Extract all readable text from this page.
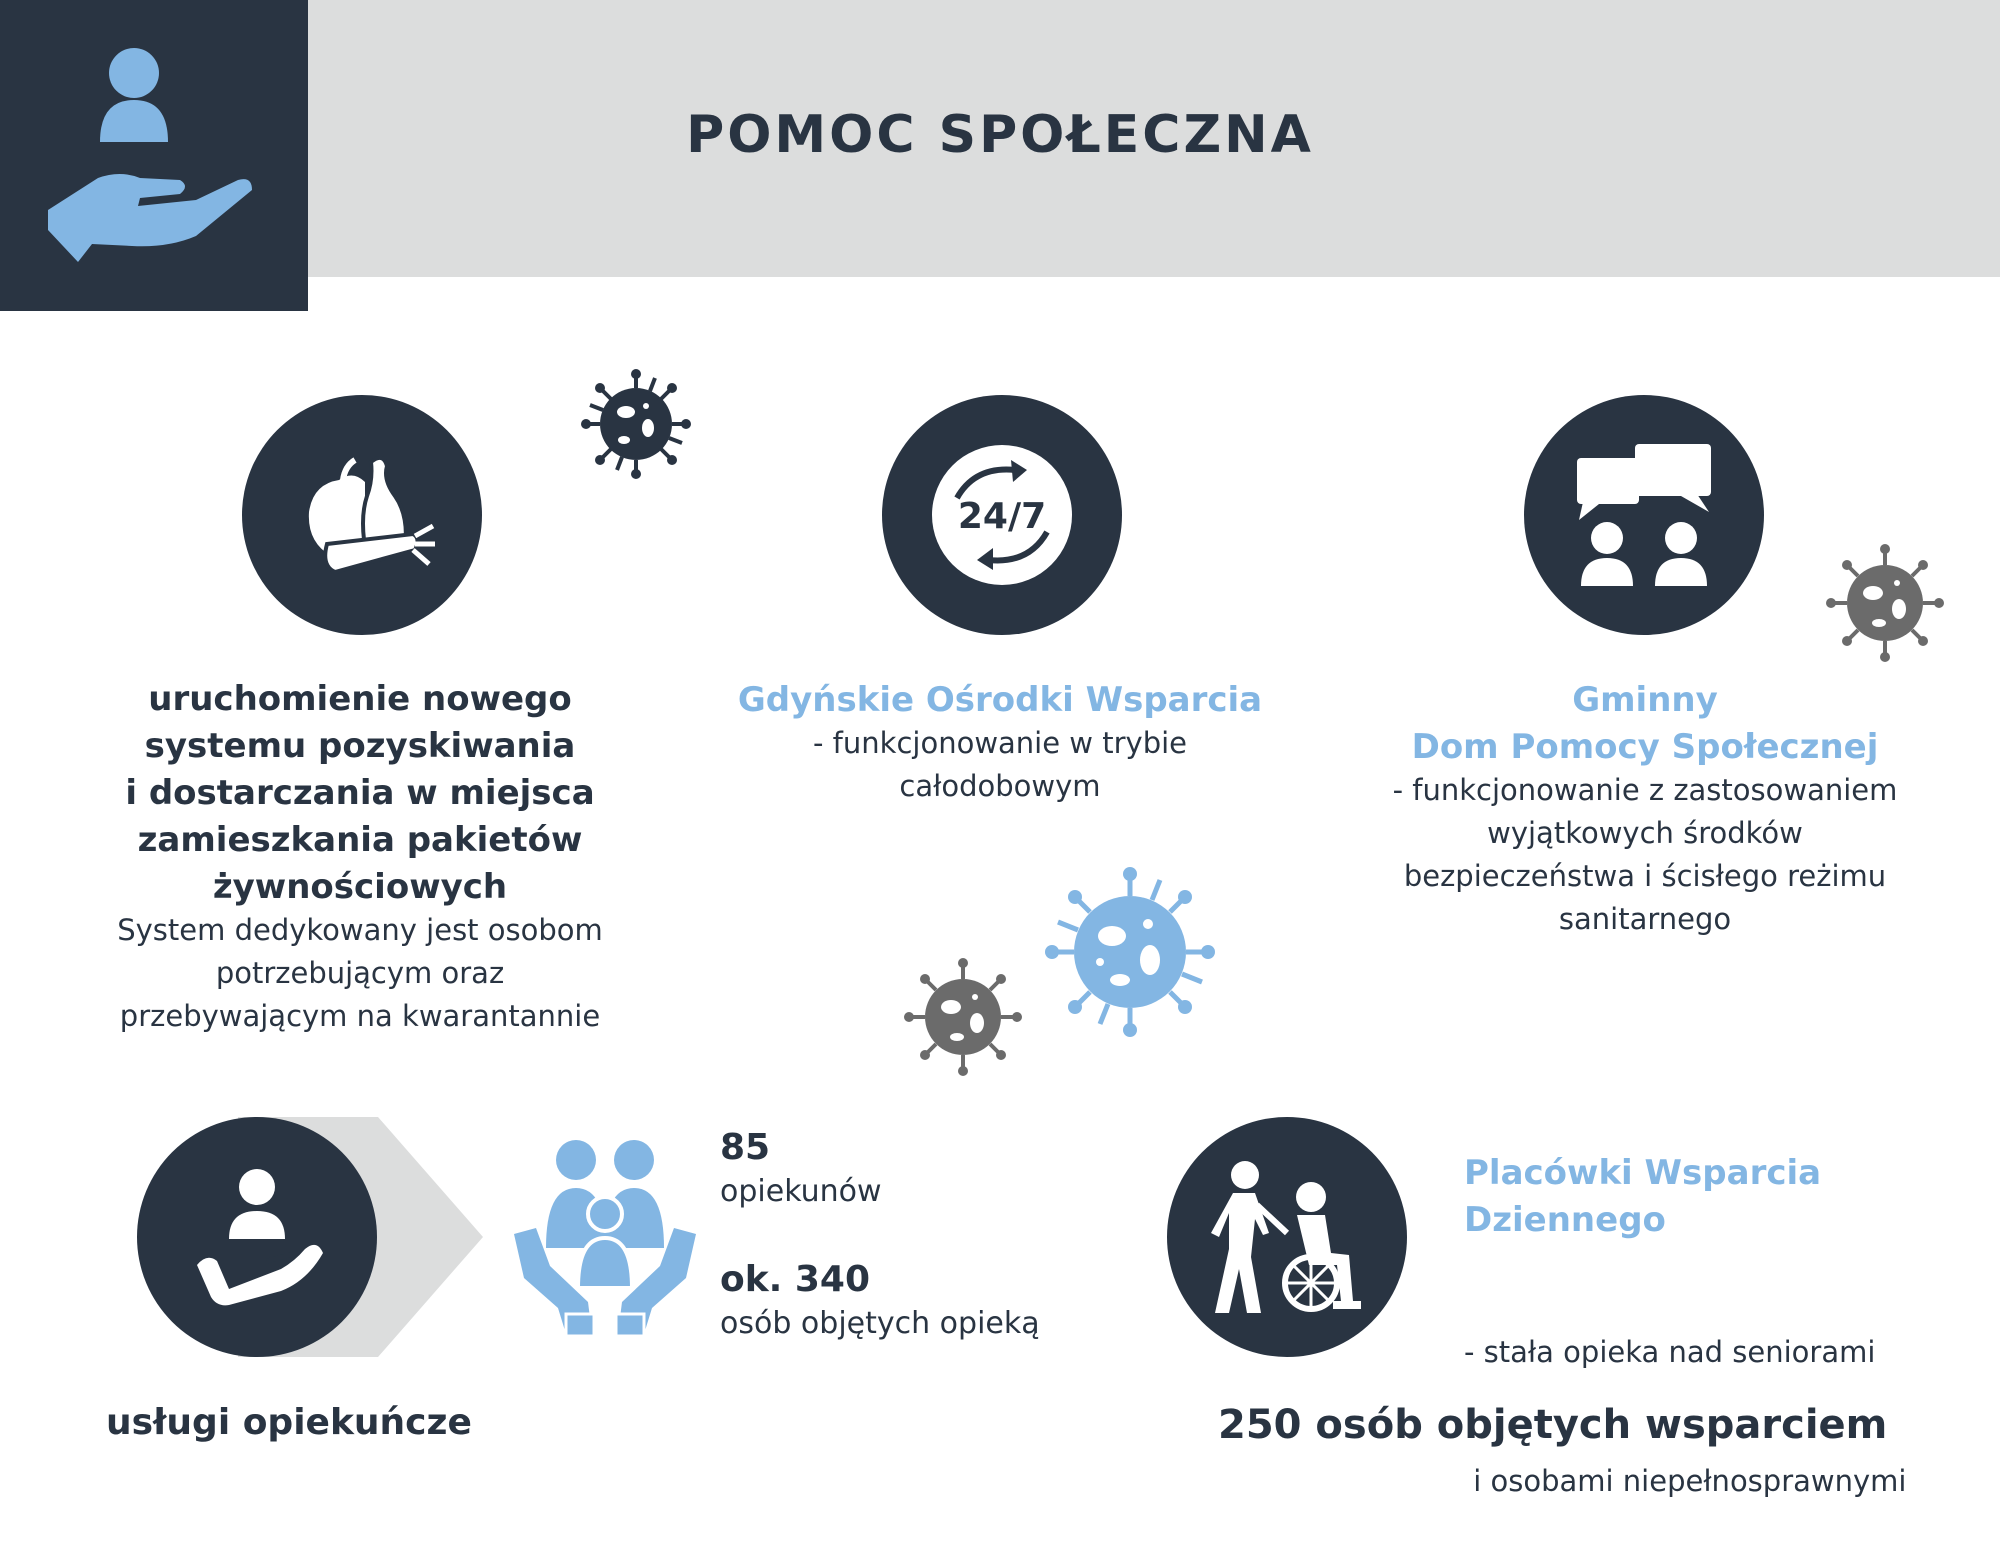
POMOC SPOŁECZNA
uruchomienie nowego
systemu pozyskiwania
i dostarczania w miejsca
zamieszkania pakietów
żywnościowych
System dedykowany jest osobom
potrzebującym oraz
przebywającym na kwarantannie
24/7
Gdyńskie Ośrodki Wsparcia
- funkcjonowanie w trybie
całodobowym
Gminny
Dom Pomocy Społecznej
- funkcjonowanie z zastosowaniem
wyjątkowych środków
bezpieczeństwa i ścisłego reżimu
sanitarnego
85
opiekunów
ok. 340
osób objętych opieką
usługi opiekuńcze
Placówki Wsparcia
Dziennego

- stała opieka nad seniorami

i osobami niepełnosprawnymi

250 osób objętych wsparciem
